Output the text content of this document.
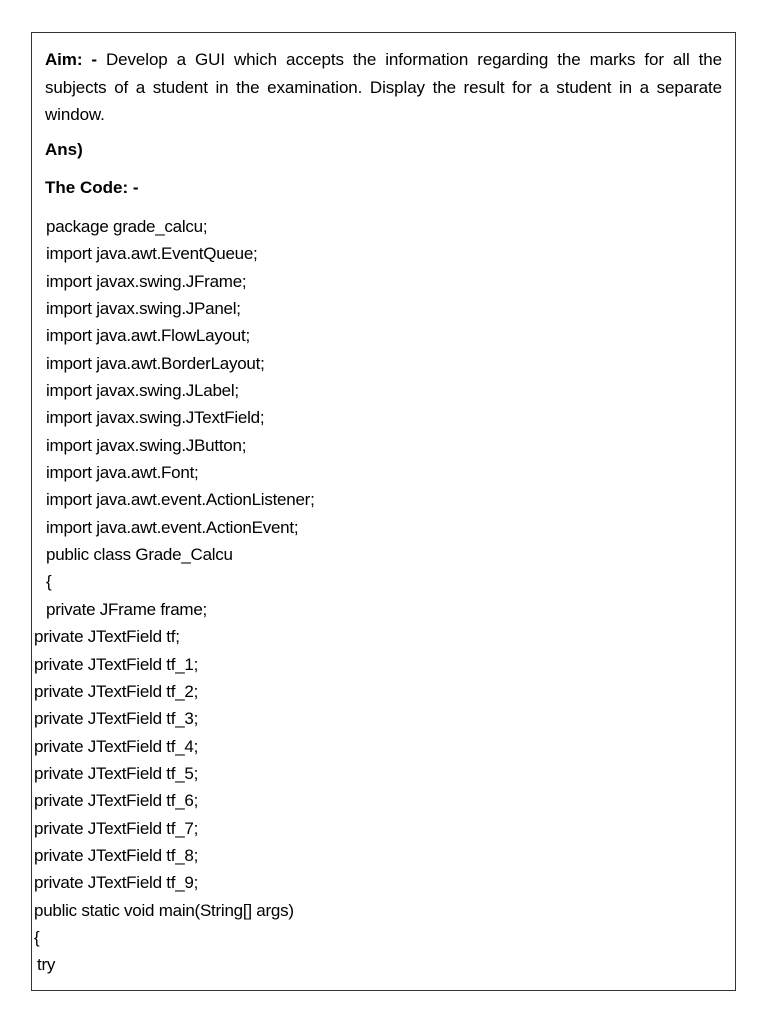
Aim: - Develop a GUI which accepts the information regarding the marks for all the subjects of a student in the examination. Display the result for a student in a separate window.
Ans)
The Code: -
package grade_calcu;
import java.awt.EventQueue;
import javax.swing.JFrame;
import javax.swing.JPanel;
import java.awt.FlowLayout;
import java.awt.BorderLayout;
import javax.swing.JLabel;
import javax.swing.JTextField;
import javax.swing.JButton;
import java.awt.Font;
import java.awt.event.ActionListener;
import java.awt.event.ActionEvent;
public class Grade_Calcu
{
private JFrame frame;
private JTextField tf;
private JTextField tf_1;
private JTextField tf_2;
private JTextField tf_3;
private JTextField tf_4;
private JTextField tf_5;
private JTextField tf_6;
private JTextField tf_7;
private JTextField tf_8;
private JTextField tf_9;
public static void main(String[] args)
{
try
